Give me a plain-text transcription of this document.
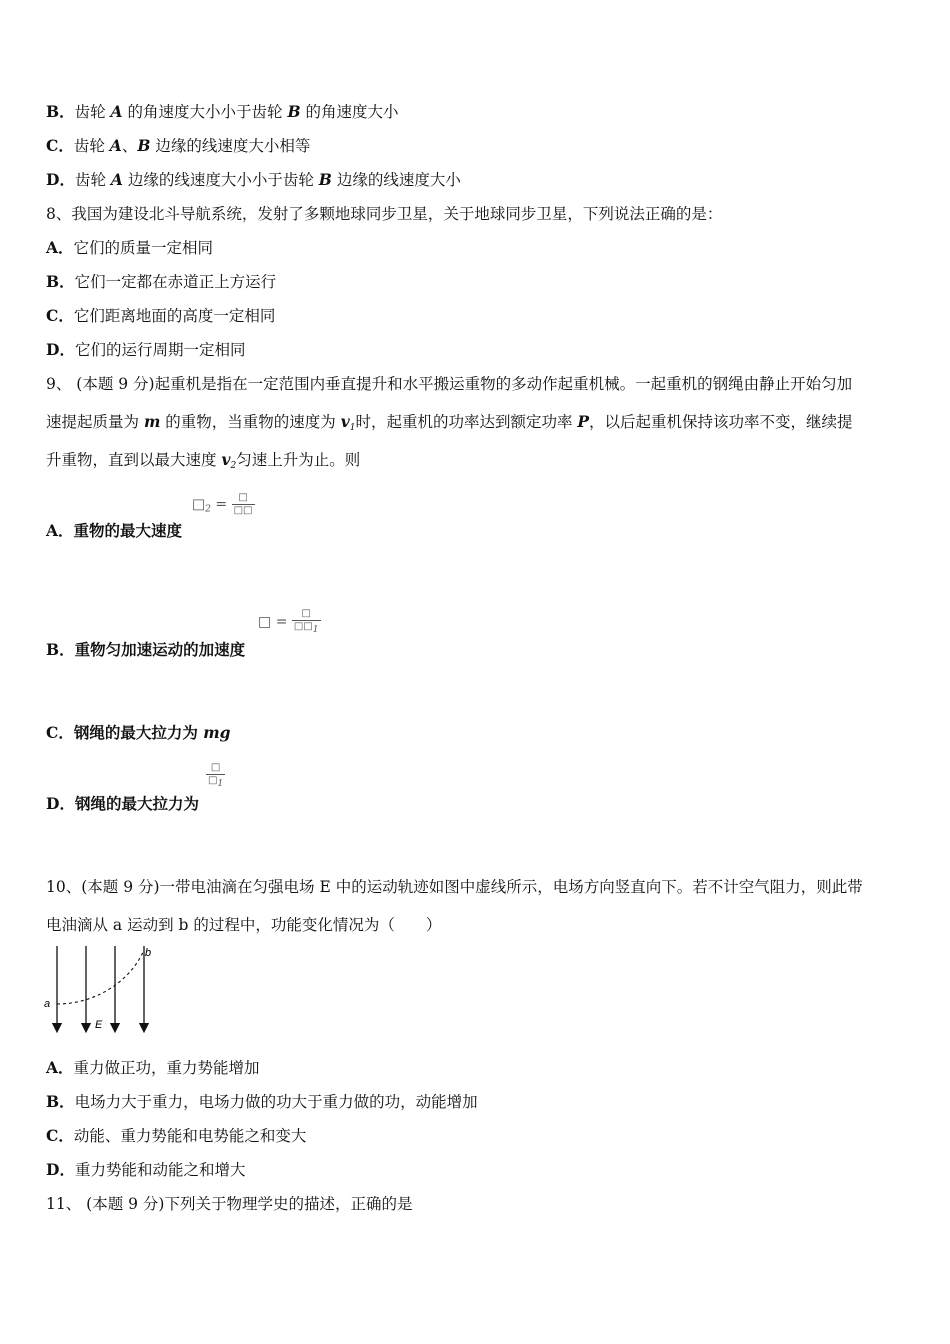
B．齿轮 A 的角速度大小小于齿轮 B 的角速度大小
C．齿轮 A、B 边缘的线速度大小相等
D．齿轮 A 边缘的线速度大小小于齿轮 B 边缘的线速度大小
8、我国为建设北斗导航系统，发射了多颗地球同步卫星，关于地球同步卫星，下列说法正确的是：
A．它们的质量一定相同
B．它们一定都在赤道正上方运行
C．它们距离地面的高度一定相同
D．它们的运行周期一定相同
9、 (本题 9 分)起重机是指在一定范围内垂直提升和水平搬运重物的多动作起重机械。一起重机的钢绳由静止开始匀加
速提起质量为 m 的重物，当重物的速度为 $v_1$时，起重机的功率达到额定功率 P，以后起重机保持该功率不变，继续提
升重物，直到以最大速度 $v_2$匀速上升为止。则
$□_2 = \frac{□}{□□}$
A．重物的最大速度
□ = $\frac{□}{□□1}$
B．重物匀加速运动的加速度
C．钢绳的最大拉力为 mg
$\frac{□}{□1}$
D．钢绳的最大拉力为
10、(本题 9 分)一带电油滴在匀强电场 E 中的运动轨迹如图中虚线所示，电场方向竖直向下。若不计空气阻力，则此带
电油滴从 a 运动到 b 的过程中，功能变化情况为（　　）
a
b
E
A．重力做正功，重力势能增加
B．电场力大于重力，电场力做的功大于重力做的功，动能增加
C．动能、重力势能和电势能之和变大
D．重力势能和动能之和增大
11、 (本题 9 分)下列关于物理学史的描述，正确的是
